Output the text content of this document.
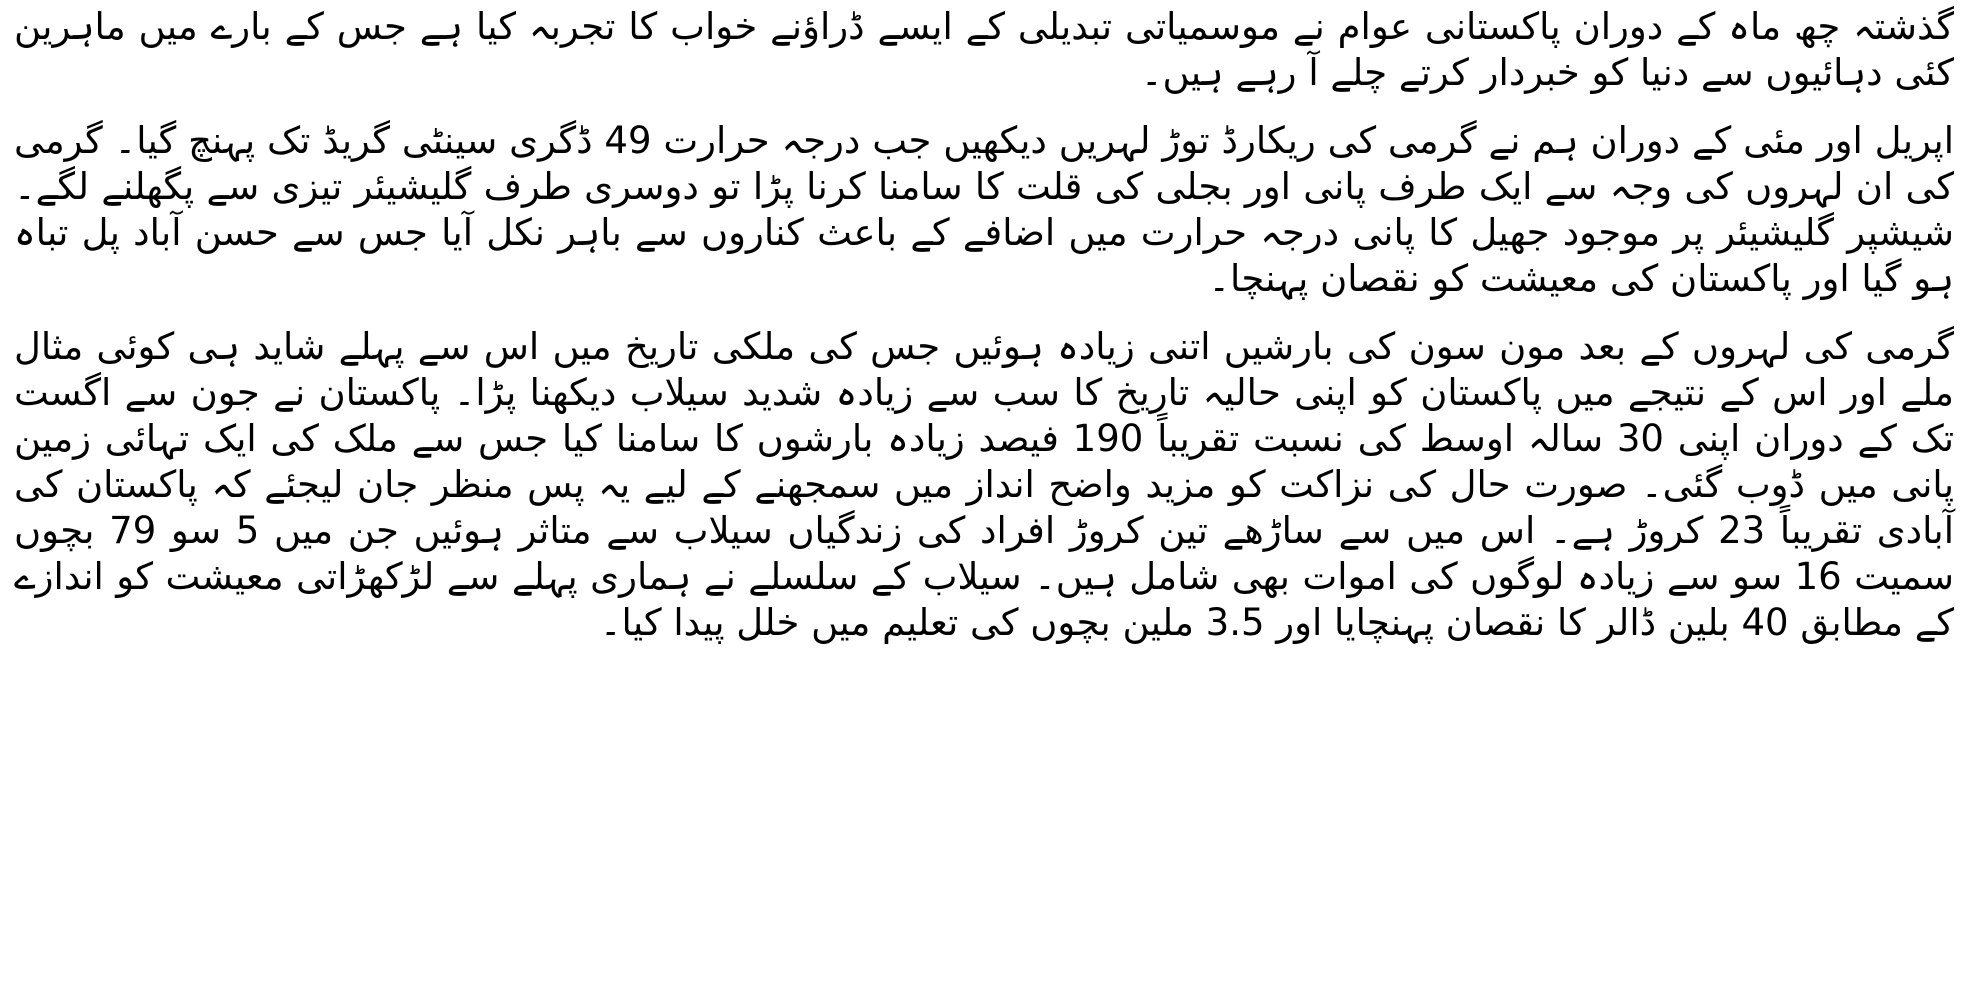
گذشتہ چھ ماہ کے دوران پاکستانی عوام نے موسمیاتی تبدیلی کے ایسے ڈراؤنے خواب کا تجربہ کیا ہے جس کے بارے میں ماہرین کئی دہائیوں سے دنیا کو خبردار کرتے چلے آ رہے ہیں۔

اپریل اور مئی کے دوران ہم نے گرمی کی ریکارڈ توڑ لہریں دیکھیں جب درجہ حرارت 49 ڈگری سینٹی گریڈ تک پہنچ گیا۔ گرمی کی ان لہروں کی وجہ سے ایک طرف پانی اور بجلی کی قلت کا سامنا کرنا پڑا تو دوسری طرف گلیشیئر تیزی سے پگھلنے لگے۔ شیشپر گلیشیئر پر موجود جھیل کا پانی درجہ حرارت میں اضافے کے باعث کناروں سے باہر نکل آیا جس سے حسن آباد پل تباہ ہو گیا اور پاکستان کی معیشت کو نقصان پہنچا۔

گرمی کی لہروں کے بعد مون سون کی بارشیں اتنی زیادہ ہوئیں جس کی ملکی تاریخ میں اس سے پہلے شاید ہی کوئی مثال ملے اور اس کے نتیجے میں پاکستان کو اپنی حالیہ تاریخ کا سب سے زیادہ شدید سیلاب دیکھنا پڑا۔ پاکستان نے جون سے اگست تک کے دوران اپنی 30 سالہ اوسط کی نسبت تقریباً 190 فیصد زیادہ بارشوں کا سامنا کیا جس سے ملک کی ایک تہائی زمین پانی میں ڈوب گئی۔ صورت حال کی نزاکت کو مزید واضح انداز میں سمجھنے کے لیے یہ پس منظر جان لیجئے کہ پاکستان کی آبادی تقریباً 23 کروڑ ہے۔ اس میں سے ساڑھے تین کروڑ افراد کی زندگیاں سیلاب سے متاثر ہوئیں جن میں 5 سو 79 بچوں سمیت 16 سو سے زیادہ لوگوں کی اموات بھی شامل ہیں۔ سیلاب کے سلسلے نے ہماری پہلے سے لڑکھڑاتی معیشت کو اندازے کے مطابق 40 بلین ڈالر کا نقصان پہنچایا اور 3.5 ملین بچوں کی تعلیم میں خلل پیدا کیا۔
